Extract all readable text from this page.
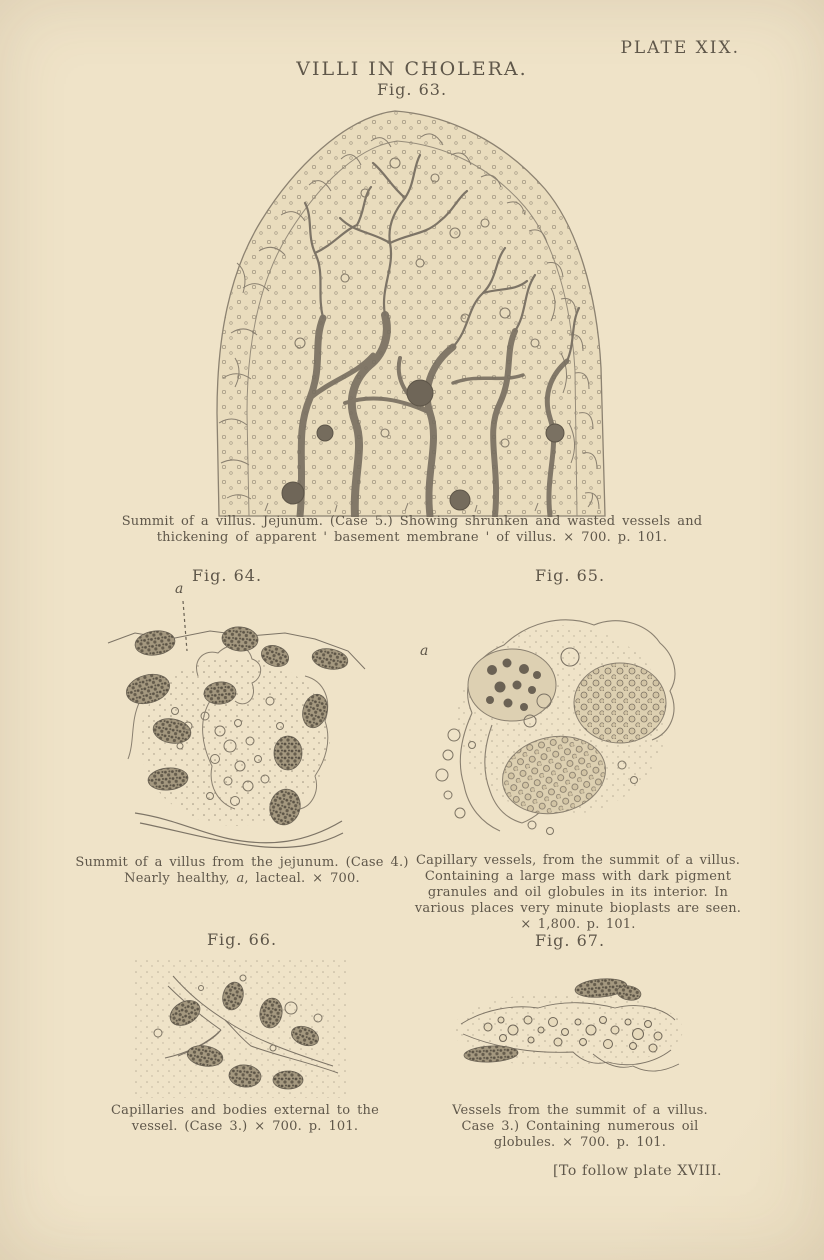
PLATE XIX.
VILLI IN CHOLERA.
Fig. 63.
Summit of a villus. Jejunum. (Case 5.) Showing shrunken and wasted vessels and
thickening of apparent ' basement membrane ' of villus. × 700. p. 101.
Fig. 64.	Fig. 65.
a
a
Summit of a villus from the jejunum. (Case 4.)
Nearly healthy, a, lacteal. × 700.
Capillary vessels, from the summit of a villus.
Containing a large mass with dark pigment
granules and oil globules in its interior. In
various places very minute bioplasts are seen.
× 1,800. p. 101.
Fig. 66.	Fig. 67.
Capillaries and bodies external to the
vessel. (Case 3.) × 700. p. 101.
Vessels from the summit of a villus.
Case 3.) Containing numerous oil
globules. × 700. p. 101.
[To follow plate XVIII.
